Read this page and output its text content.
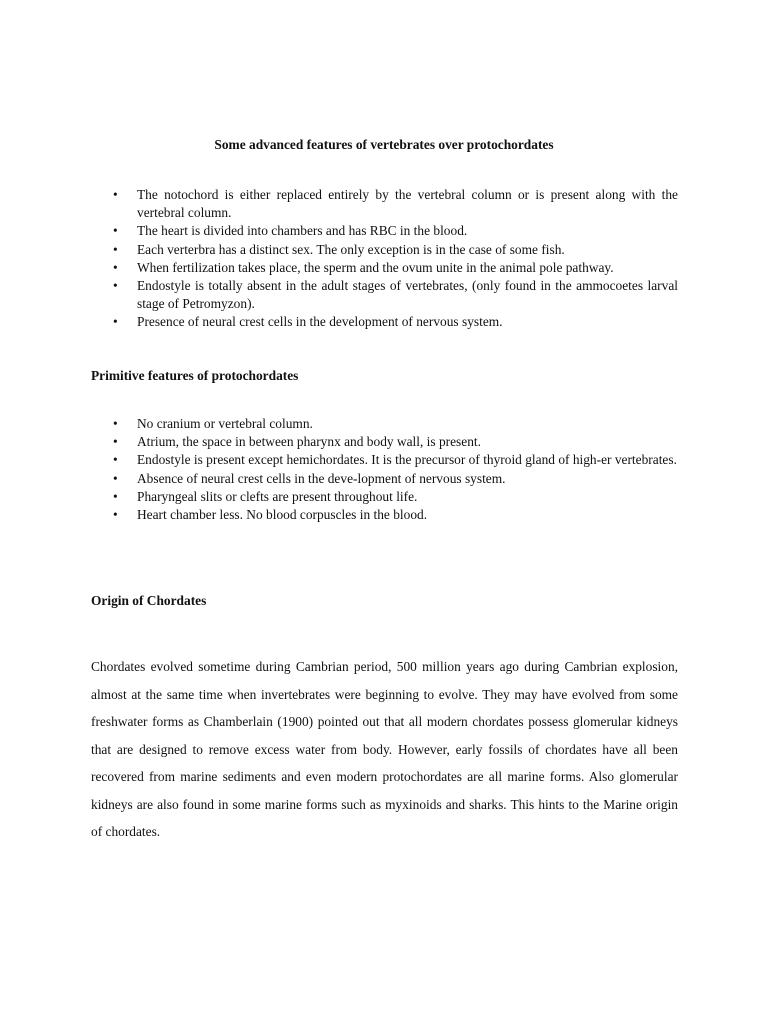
Some advanced features of vertebrates over protochordates
• The notochord is either replaced entirely by the vertebral column or is present along with the vertebral column.
• The heart is divided into chambers and has RBC in the blood.
• Each verterbra has a distinct sex. The only exception is in the case of some fish.
• When fertilization takes place, the sperm and the ovum unite in the animal pole pathway.
• Endostyle is totally absent in the adult stages of vertebrates, (only found in the ammocoetes larval stage of Petromyzon).
• Presence of neural crest cells in the development of nervous system.
Primitive features of protochordates
• No cranium or vertebral column.
• Atrium, the space in between pharynx and body wall, is present.
• Endostyle is present except hemichordates. It is the precursor of thyroid gland of high-er vertebrates.
• Absence of neural crest cells in the deve-lopment of nervous system.
• Pharyngeal slits or clefts are present throughout life.
• Heart chamber less. No blood corpuscles in the blood.
Origin of Chordates

Chordates evolved sometime during Cambrian period, 500 million years ago during Cambrian explosion, almost at the same time when invertebrates were beginning to evolve. They may have evolved from some freshwater forms as Chamberlain (1900) pointed out that all modern chordates possess glomerular kidneys that are designed to remove excess water from body. However, early fossils of chordates have all been recovered from marine sediments and even modern protochordates are all marine forms. Also glomerular kidneys are also found in some marine forms such as myxinoids and sharks. This hints to the Marine origin of chordates.
